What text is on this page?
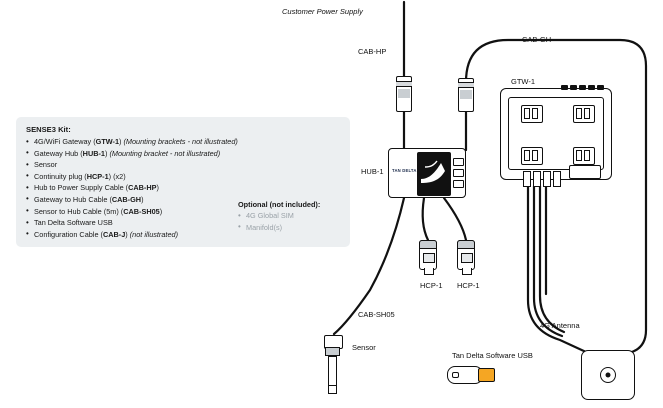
SENSE3 Kit:
• 4G/WiFi Gateway (GTW-1) (Mounting brackets - not illustrated)
• Gateway Hub (HUB-1) (Mounting bracket - not illustrated)
• Sensor
• Continuity plug (HCP-1) (x2)
• Hub to Power Supply Cable (CAB-HP)
• Gateway to Hub Cable (CAB-GH)
• Sensor to Hub Cable (5m) (CAB-SH05)
• Tan Delta Software USB
• Configuration Cable (CAB-J) (not illustrated)
Optional (not included):
• 4G Global SIM
• Manifold(s)
Customer Power Supply
CAB-HP
CAB-GH
GTW-1
HUB-1
HCP-1 HCP-1
CAB-SH05
Sensor
Tan Delta Software USB
4G Antenna
TAN DELTA
